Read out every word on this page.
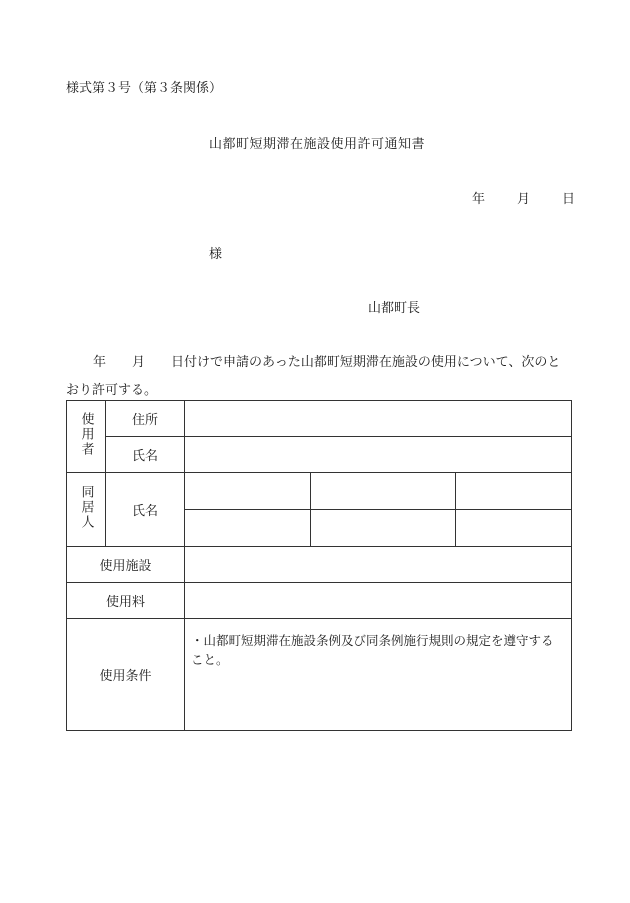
様式第３号（第３条関係）
山都町短期滞在施設使用許可通知書
年 月 日
様
山都町長
年　　月　　日付けで申請のあった山都町短期滞在施設の使用について、次のとおり許可する。
使用者	住所			
	氏名			
同居人	氏名			

使用施設				
使用料				
使用条件		・山都町短期滞在施設条例及び同条例施行規則の規定を遵守すること。		
